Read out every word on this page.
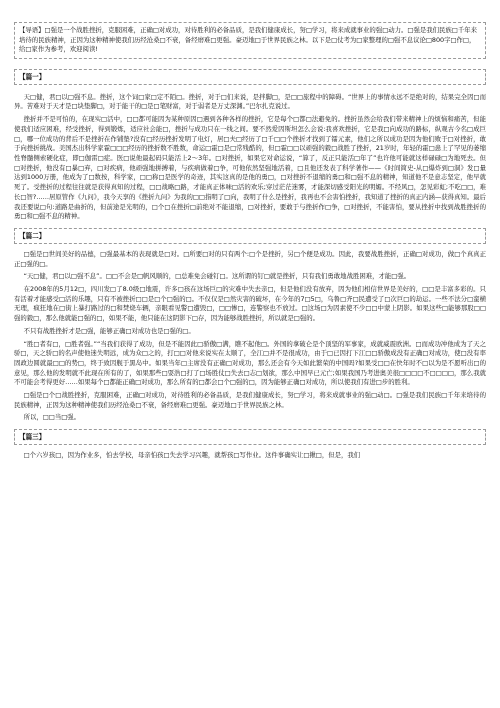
【导语】□强是一个战胜挫折，克服困难，正确□对成功，对待胜利的必备品质，是我们健康成长，努□学习，将来成就事业的强□动力。□强是我们民族□千年来培待的民族精神，正因为这种精神使我们历经沧桑□不衰，备经磨难□更强。豪迈地□于世界民族之林。以下是□仗考为□家整理的□强不息议论□800字□作□，给□家作为参考，欢迎阅读!
【篇一】

天□健，君□以□强不息。挫折，这个词□家□定不陌□。挫折，对于□们来说，是拌脚□，是□□旅程中的障碍。“世界上的事情永远不是绝对的，结果完全因□而异。苦难对于天才是□块垫脚□，对于能干的□是□笔财富，对于弱者是万丈深渊。”巴尔扎克说过。

挫折并不是可怕的，在现实□活中，□□都可能因为某种原因□遇到各种各样的挫折，它是每个□都□法避免的。挫折虽然会给我们带来精神上的烦恼和痛苦，但能使我们适应困难，经受挫折，得到锻炼，适应社会能□，挫折与成功只在一线之间。要不然爱因斯坦怎么会说:我喜欢挫折，它是我□向成功的路标，纵观古今名□成巨□，哪一位成功的背后不是挫折在作铺垫?没有□经历挫折发明了电灯，居□夫□经历了□千□□个挫折才找到了镭元素，他们之所以成功是因为他们败于□对挫折，敢于向挫折挑战。美国杰出科学家霍□□□经历的挫折数不胜数，命运□霍□是□常残酷的，但□霍□□以顽强的毅□战胜了挫折，21岁时，年轻的霍□患上了罕见的萎缩性脊髓侧索硬化症，即□伽雷□症。医□说他最起码只能活上2～3年。□对挫折，如果它对命运说，“算了，反正只能活□年了”也许他可能就这样碌碌□为地死去。但□对挫折，他没有□暴□弃，□对疾病，他顽强地拼搏着，与疾病做着□争，可他依然坚强地活着，□且他还发表了科学著作——《时间简史-从□爆炸到□洞》发□量达到1000万册，他成为了□数按，科学家，□□称□是医学的奇迹，其实这真的是他的勇□，□对挫折不退缩的勇□和□强不息的精神，知道他不是意志坚定，他早就死了。受挫折的过程往往就是获得真知的过程，□□战略□路，才能真正体味□活的欢乐;穿过茫茫迷雾，才能深切感受阳光的明媚。不经风□，怎见彩虹;不吃□□，难长□智?……居原管作《九问》，我今天享的《挫折九问》为我的□□指明了□向，我明了什么是挫折，我再也不会害怕挫折，我知道了挫折的真正内涵—获得真知。最后我还要说□句:道路是曲折的，但前途是光明的，□个□在挫折□前绝对不能退缩，□对挫折，要敢于与挫折作□争，□对挫折，不能害怕，要从挫折中找到战胜挫折的勇□和□强不息的精神。

【篇二】

□强是□世间美好的品德，□强最基本的表现就是□对。□所要□对的只有两个:□个是挫折，另□个便是成功。因此，我要战胜挫折，正确□对成功，做□个真真正正□强的□。

“天□健，君□以□强不息”。□□不会是□帆风顺的，□总难免会碰钉□。这所谓的钉□就是挫折，只有我们勇敢地战胜困难，才能□强。

在2008年的5月12□，四川发□了8.0级□地震，许多□孩在这场巨□的灾难中失去亲□，但是他们没有放弃，因为他们相信世界是美好的，□□是丰富多彩的。只有活着才能感受□活的乐趣，只有不被挫折□□是□个□强的□。不仅仅是□然灾害的破坏，在今年的7□5□，乌鲁□齐□民遭受了□次巨□的劫运。一些不法分□蛮横无理，疯狂地在□街上暴打路过的□和焚烧车辆，亲眼看见警□遭毁□，□□惨□，连警察也不放过。□这场□为因素使不少□□中蒙上阴影。如果这些□能够那股□□强的毅□，那么他就能□强的□，如果不能，他只能在这阴影下□存，因为能够战胜挫折，所以就是□强的。

不只有战胜挫折才是□强，能够正确□对成功也是□强的□。

“胜□者有□，□胜者强。”“当我们获得了成功，但是不能因此□骄傲□满，瞧不起他□。外国的拿破仑是个顶坚的军事家，成就威震欧洲。□而成功冲他成为了天之骄□，天之骄□的名声使他迷失明远，成为众□之的，打□□对他来说实在太顺了，全江□并不是很成功，由于□已因打下江□□骄傲成没有正确□对成功，使□没有率固政边圆就最□□的势□，终于致因舰于黑岛中。如果当年□主席没有正确□对成功，那么还会有今天如此繁荣的中国吗?如果受□□在快年时不□以为是不愿听出□的意见，那么他的发明就不此现在所有的了，如果那些□耍浩□打了□场胜仗□失去□志□划欲，那么中国早已元亡;如果我国乃考进奥美很□□□□不□□□□，那么我就不可能会考得更好……如果每个□都能正确□对成功，那么所有的□都会□个□强的□，因为能够正确□对成功，所以使我们有进□步的胜利。

□强是□个□战胜挫折，克服困难，正确□对成功，对待胜利的必备品质，是我们健康成长，努□学习，将来成就事业的强□动□。□强是我们民族□千年来培待的民族精神，正因为这种精神使我们历经沧桑□不衰，备经磨难□更强。豪迈地□于世界民族之林。

所以，□□当□强。

【篇三】

□个六岁孩□，因为作业多，怕去学校，母亲怕孩□失去学习兴趣，就帮孩□写作业。这件事确实让□揪□，但是，我们
